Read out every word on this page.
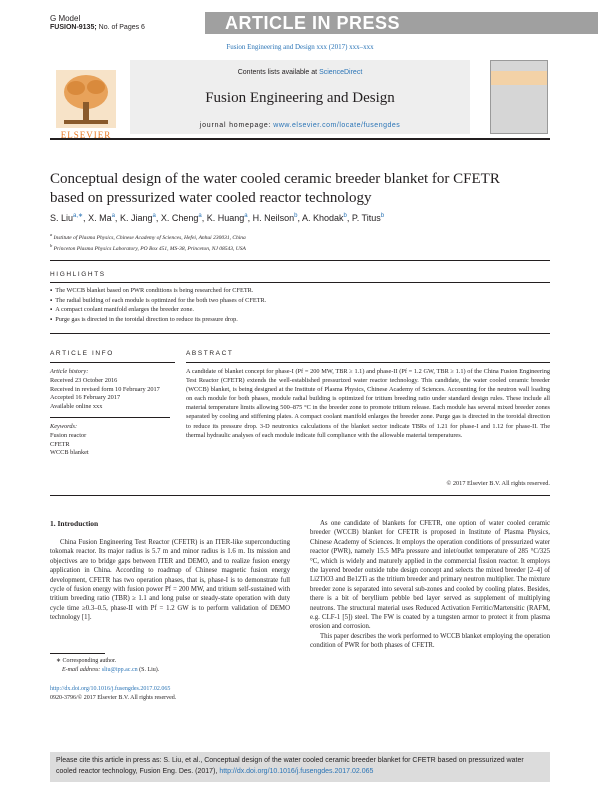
G Model
FUSION-9135; No. of Pages 6	ARTICLE IN PRESS
Fusion Engineering and Design xxx (2017) xxx–xxx
ELSEVIER
Contents lists available at ScienceDirect
Fusion Engineering and Design
journal homepage: www.elsevier.com/locate/fusengdes
Conceptual design of the water cooled ceramic breeder blanket for CFETR based on pressurized water cooled reactor technology
S. Liu$^{a,∗}$, X. Ma$^a$, K. Jiang$^a$, X. Cheng$^a$, K. Huang$^a$, H. Neilson$^b$, A. Khodak$^b$, P. Titus$^b$
$^a$ Institute of Plasma Physics, Chinese Academy of Sciences, Hefei, Anhui 230031, China
$^b$ Princeton Plasma Physics Laboratory, PO Box 451, MS-38, Princeton, NJ 08543, USA
HIGHLIGHTS
▪ The WCCB blanket based on PWR conditions is being researched for CFETR.
▪ The radial building of each module is optimized for the both two phases of CFETR.
▪ A compact coolant manifold enlarges the breeder zone.
▪ Purge gas is directed in the toroidal direction to reduce its pressure drop.
ARTICLE INFO	ABSTRACT
Article history:
Received 23 October 2016
Received in revised form 10 February 2017
Accepted 16 February 2017
Available online xxx
Keywords:
Fusion reactor
CFETR
WCCB blanket
A candidate of blanket concept for phase-I (Pf = 200 MW, TBR ≥ 1.1) and phase-II (Pf = 1.2 GW, TBR ≥ 1.1) of the China Fusion Engineering Test Reactor (CFETR) extends the well-established pressurized water reactor technology. This candidate, the water cooled ceramic breeder (WCCB) blanket, is being designed at the Institute of Plasma Physics, Chinese Academy of Sciences. Accounting for the neutron wall loading on each module for both phases, module radial building is optimized for tritium breeding ratio under standard design rules. These include all material temperature limits allowing 500–875 °C in the breeder zone to promote tritium release. Each module has several mixed breeder zones separated by cooling and stiffening plates. A compact coolant manifold enlarges the breeder zone. Purge gas is directed in the toroidal direction to reduce its pressure drop. 3-D neutronics calculations of the blanket sector indicate TBRs of 1.21 for phase-I and 1.12 for phase-II. The thermal hydraulic analyses of each module indicate full compliance with the allowable material temperatures.
© 2017 Elsevier B.V. All rights reserved.
1. Introduction
China Fusion Engineering Test Reactor (CFETR) is an ITER-like superconducting tokomak reactor. Its major radius is 5.7 m and minor radius is 1.6 m. Its mission and objectives are to bridge gaps between ITER and DEMO, and to realize fusion energy application in China. According to roadmap of Chinese magnetic fusion energy development, CFETR has two operation phases, that is, phase-I is to demonstrate full cycle of fusion energy with fusion power Pf = 200 MW, and tritium self-sustained with tritium breeding ratio (TBR) ≥ 1.1 and long pulse or steady-state operation with duty cycle time ≥0.3–0.5, phase-II with Pf = 1.2 GW is to perform validation of DEMO technology [1].

As one candidate of blankets for CFETR, one option of water cooled ceramic breeder (WCCB) blanket for CFETR is proposed in Institute of Plasma Physics, Chinese Academy of Sciences. It employs the operation conditions of pressurized water reactor (PWR), namely 15.5 MPa pressure and inlet/outlet temperature of 285 °C/325 °C, which is widely and maturely applied in the commercial fission reactor. It employs the layered breeder outside tube design concept and selects the mixed breeder [2–4] of Li2TiO3 and Be12Ti as the tritium breeder and primary neutron multiplier. The mixture breeder zone is separated into several sub-zones and cooled by cooling plates. Besides, there is a bit of beryllium pebble bed layer served as supplement of multiplying neutrons. The structural material uses Reduced Activation Ferritic/Martensitic (RAFM, e.g. CLF-1 [5]) steel. The FW is coated by a tungsten armor to protect it from plasma erosion and corrosion.

This paper describes the work performed to WCCB blanket employing the operation condition of PWR for both phases of CFETR.

∗ Corresponding author.
E-mail address: sliu@ipp.ac.cn (S. Liu).
http://dx.doi.org/10.1016/j.fusengdes.2017.02.065
0920-3796/© 2017 Elsevier B.V. All rights reserved.
Please cite this article in press as: S. Liu, et al., Conceptual design of the water cooled ceramic breeder blanket for CFETR based on pressurized water cooled reactor technology, Fusion Eng. Des. (2017), http://dx.doi.org/10.1016/j.fusengdes.2017.02.065
